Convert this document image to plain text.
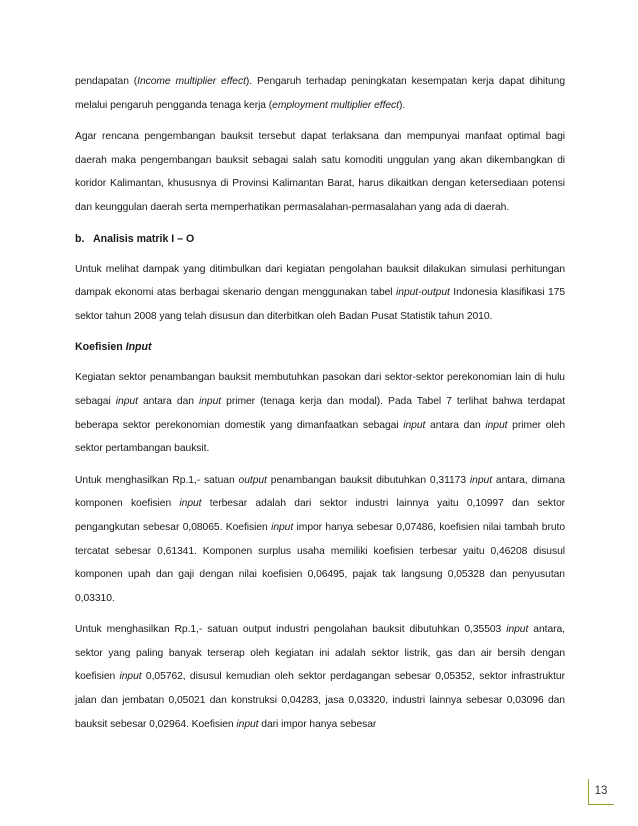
pendapatan (Income multiplier effect). Pengaruh terhadap peningkatan kesempatan kerja dapat dihitung melalui pengaruh pengganda tenaga kerja (employment multiplier effect).

Agar rencana pengembangan bauksit tersebut dapat terlaksana dan mempunyai manfaat optimal bagi daerah maka pengembangan bauksit sebagai salah satu komoditi unggulan yang akan dikembangkan di koridor Kalimantan, khususnya di Provinsi Kalimantan Barat, harus dikaitkan dengan ketersediaan potensi dan keunggulan daerah serta memperhatikan permasalahan-permasalahan yang ada di daerah.

b. Analisis matrik I – O

Untuk melihat dampak yang ditimbulkan dari kegiatan pengolahan bauksit dilakukan simulasi perhitungan dampak ekonomi atas berbagai skenario dengan menggunakan tabel input-output Indonesia klasifikasi 175 sektor tahun 2008 yang telah disusun dan diterbitkan oleh Badan Pusat Statistik tahun 2010.

Koefisien Input

Kegiatan sektor penambangan bauksit membutuhkan pasokan dari sektor-sektor perekonomian lain di hulu sebagai input antara dan input primer (tenaga kerja dan modal). Pada Tabel 7 terlihat bahwa terdapat beberapa sektor perekonomian domestik yang dimanfaatkan sebagai input antara dan input primer oleh sektor pertambangan bauksit.

Untuk menghasilkan Rp.1,- satuan output penambangan bauksit dibutuhkan 0,31173 input antara, dimana komponen koefisien input terbesar adalah dari sektor industri lainnya yaitu 0,10997 dan sektor pengangkutan sebesar 0,08065. Koefisien input impor hanya sebesar 0,07486, koefisien nilai tambah bruto tercatat sebesar 0,61341. Komponen surplus usaha memiliki koefisien terbesar yaitu 0,46208 disusul komponen upah dan gaji dengan nilai koefisien 0,06495, pajak tak langsung 0,05328 dan penyusutan 0,03310.

Untuk menghasilkan Rp.1,- satuan output industri pengolahan bauksit dibutuhkan 0,35503 input antara, sektor yang paling banyak terserap oleh kegiatan ini adalah sektor listrik, gas dan air bersih dengan koefisien input 0,05762, disusul kemudian oleh sektor perdagangan sebesar 0,05352, sektor infrastruktur jalan dan jembatan 0,05021 dan konstruksi 0,04283, jasa 0,03320, industri lainnya sebesar 0,03096 dan bauksit sebesar 0,02964. Koefisien input dari impor hanya sebesar

13
